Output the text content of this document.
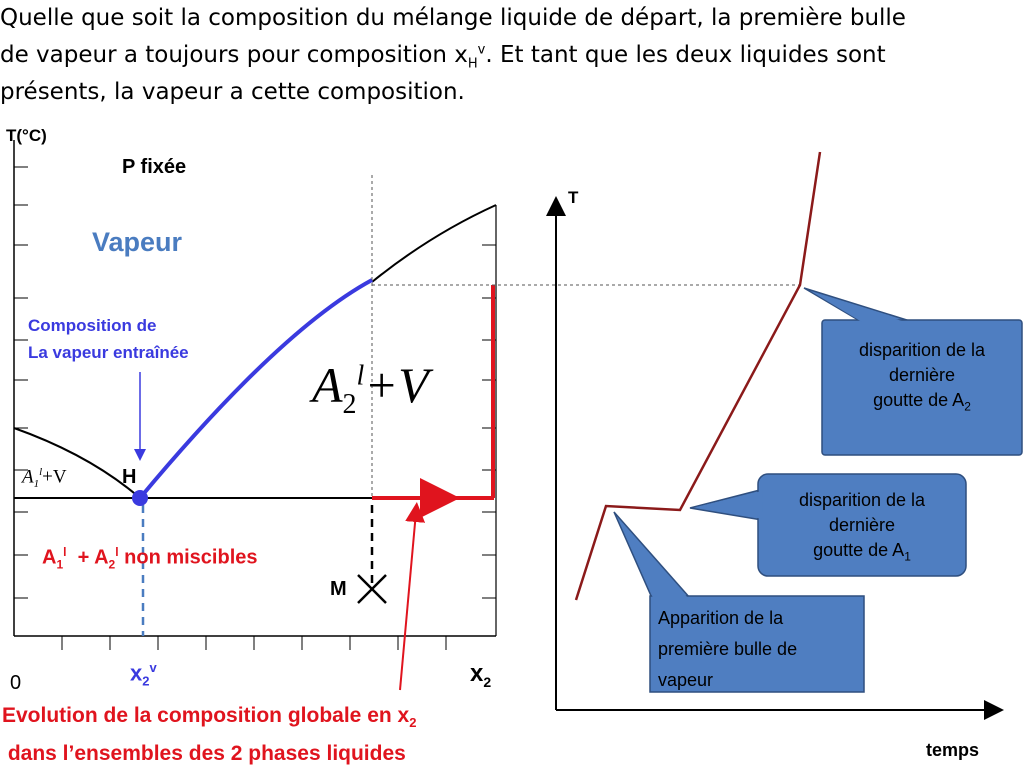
Quelle que soit la composition du mélange liquide de départ, la première bulle
de vapeur a toujours pour composition $x_H^v$. Et tant que les deux liquides sont
présents, la vapeur a cette composition.
T(°C)
P fixée
Vapeur
Composition de
La vapeur entraînée
H
M
$A_1^l+V$
$A_2^l+V$
$A_1^l + A_2^l$ non miscibles
0	$x_2^v$	$x_2$
Evolution de la composition globale en $x_2$
dans l’ensembles des 2 phases liquides
T
temps
disparition de la
dernière
goutte de $A_2$
disparition de la
dernière
goutte de $A_1$
Apparition de la
première bulle de
vapeur
